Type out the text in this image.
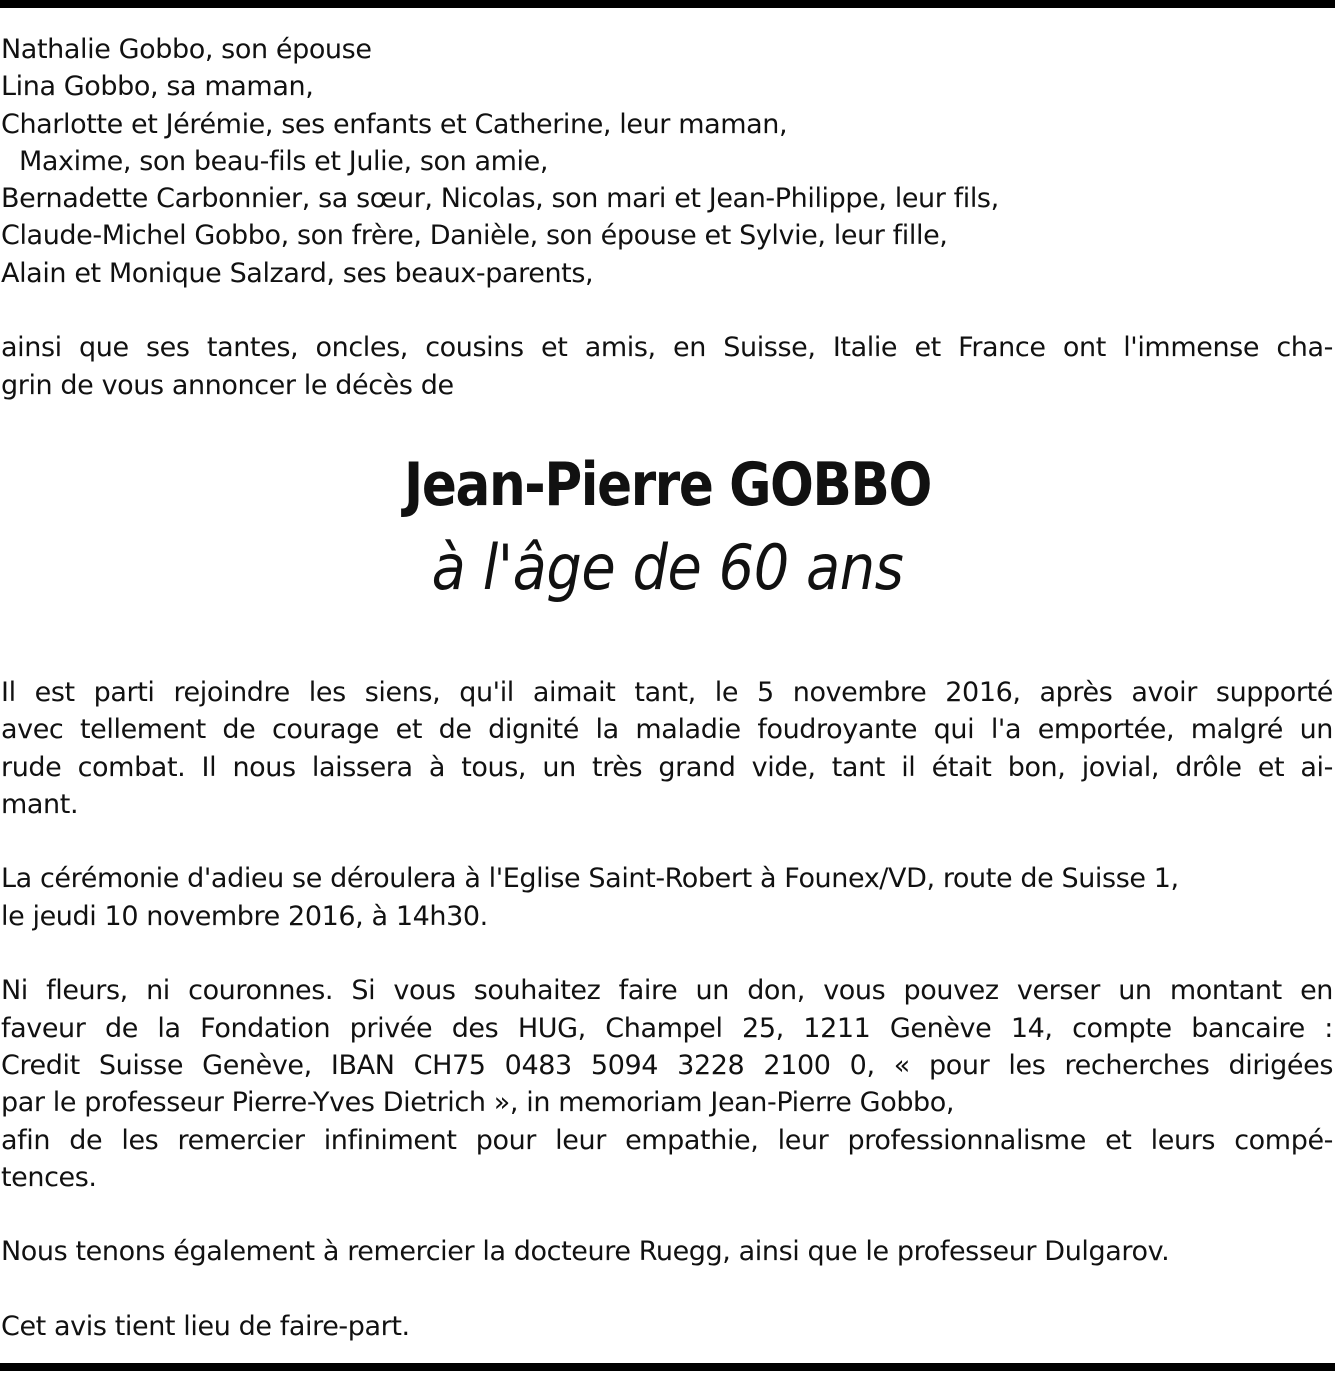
Nathalie Gobbo, son épouse
Lina Gobbo, sa maman,
Charlotte et Jérémie, ses enfants et Catherine, leur maman,
Maxime, son beau-fils et Julie, son amie,
Bernadette Carbonnier, sa sœur, Nicolas, son mari et Jean-Philippe, leur fils,
Claude-Michel Gobbo, son frère, Danièle, son épouse et Sylvie, leur fille,
Alain et Monique Salzard, ses beaux-parents,
ainsi que ses tantes, oncles, cousins et amis, en Suisse, Italie et France ont l'immense cha-
grin de vous annoncer le décès de
Jean-Pierre GOBBO
à l'âge de 60 ans
Il est parti rejoindre les siens, qu'il aimait tant, le 5 novembre 2016, après avoir supporté
avec tellement de courage et de dignité la maladie foudroyante qui l'a emportée, malgré un
rude combat. Il nous laissera à tous, un très grand vide, tant il était bon, jovial, drôle et ai-
mant.
La cérémonie d'adieu se déroulera à l'Eglise Saint-Robert à Founex/VD, route de Suisse 1,
le jeudi 10 novembre 2016, à 14h30.
Ni fleurs, ni couronnes. Si vous souhaitez faire un don, vous pouvez verser un montant en
faveur de la Fondation privée des HUG, Champel 25, 1211 Genève 14, compte bancaire :
Credit Suisse Genève, IBAN CH75 0483 5094 3228 2100 0, « pour les recherches dirigées
par le professeur Pierre-Yves Dietrich », in memoriam Jean-Pierre Gobbo,
afin de les remercier infiniment pour leur empathie, leur professionnalisme et leurs compé-
tences.
Nous tenons également à remercier la docteure Ruegg, ainsi que le professeur Dulgarov.
Cet avis tient lieu de faire-part.
